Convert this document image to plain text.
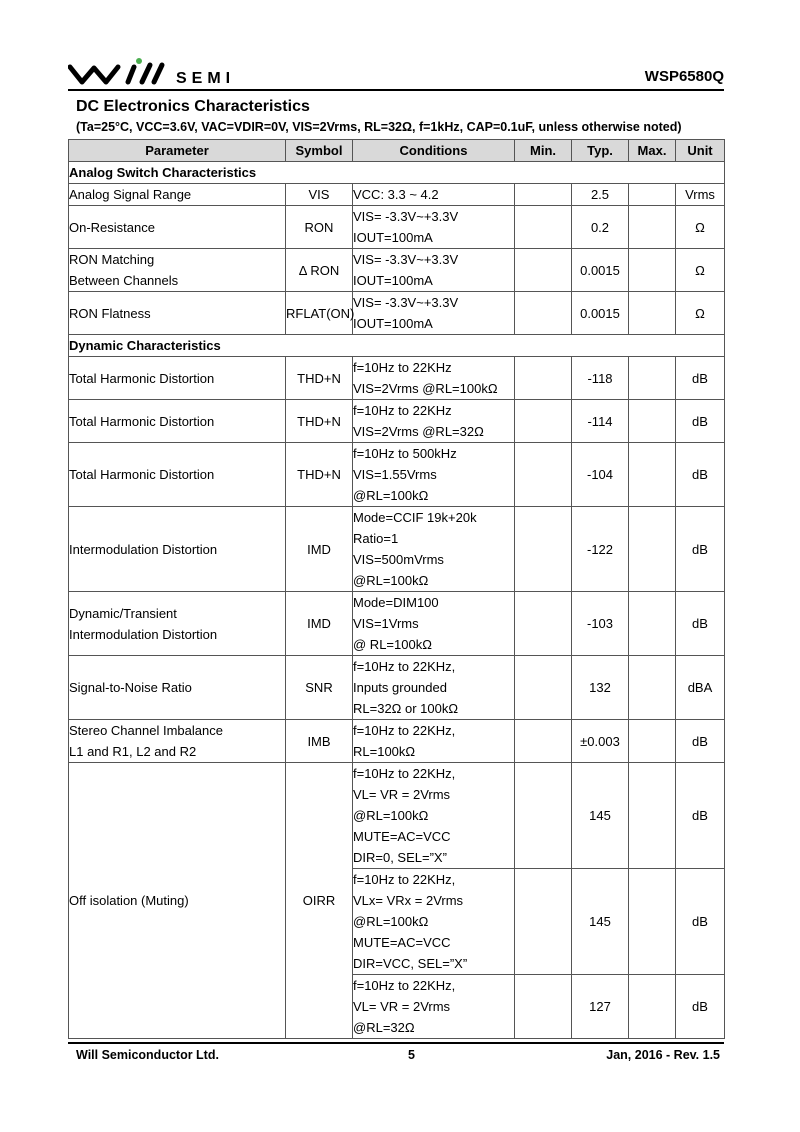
SEMI	WSP6580Q
DC Electronics Characteristics
(Ta=25°C, VCC=3.6V, VAC=VDIR=0V, VIS=2Vrms, RL=32Ω, f=1kHz, CAP=0.1uF, unless otherwise noted)
Parameter	Symbol	Conditions	Min.	Typ.	Max.	Unit
Analog Switch Characteristics						

Analog Signal Range	VIS	VCC: 3.3 ~ 4.2		2.5		Vrms

On-Resistance	RON	VIS= -3.3V~+3.3V
IOUT=100mA		0.2		Ω

RON Matching
Between Channels	Δ RON	VIS= -3.3V~+3.3V
IOUT=100mA		0.0015		Ω

RON Flatness	RFLAT(ON)	VIS= -3.3V~+3.3V
IOUT=100mA		0.0015		Ω
Dynamic Characteristics						

Total Harmonic Distortion	THD+N	f=10Hz to 22KHz
VIS=2Vrms @RL=100kΩ		-118		dB

Total Harmonic Distortion	THD+N	f=10Hz to 22KHz
VIS=2Vrms @RL=32Ω		-114		dB

Total Harmonic Distortion	THD+N	f=10Hz to 500kHz
VIS=1.55Vrms
@RL=100kΩ		-104		dB

Intermodulation Distortion	IMD	Mode=CCIF 19k+20k
Ratio=1
VIS=500mVrms
@RL=100kΩ		-122		dB

Dynamic/Transient
Intermodulation Distortion	IMD	Mode=DIM100
VIS=1Vrms
@ RL=100kΩ		-103		dB

Signal-to-Noise Ratio	SNR	f=10Hz to 22KHz,
Inputs grounded
RL=32Ω or 100kΩ		132		dBA

Stereo Channel Imbalance
L1 and R1, L2 and R2	IMB	f=10Hz to 22KHz,
RL=100kΩ		±0.003		dB
Off isolation (Muting)	OIRR	f=10Hz to 22KHz,
VL= VR = 2Vrms
@RL=100kΩ
MUTE=AC=VCC
DIR=0, SEL=”X”		145		dB

		f=10Hz to 22KHz,
VLx= VRx = 2Vrms
@RL=100kΩ
MUTE=AC=VCC
DIR=VCC, SEL=”X”		145		dB

		f=10Hz to 22KHz,
VL= VR = 2Vrms
@RL=32Ω		127		dB
Will Semiconductor Ltd.	5	Jan, 2016 - Rev. 1.5
